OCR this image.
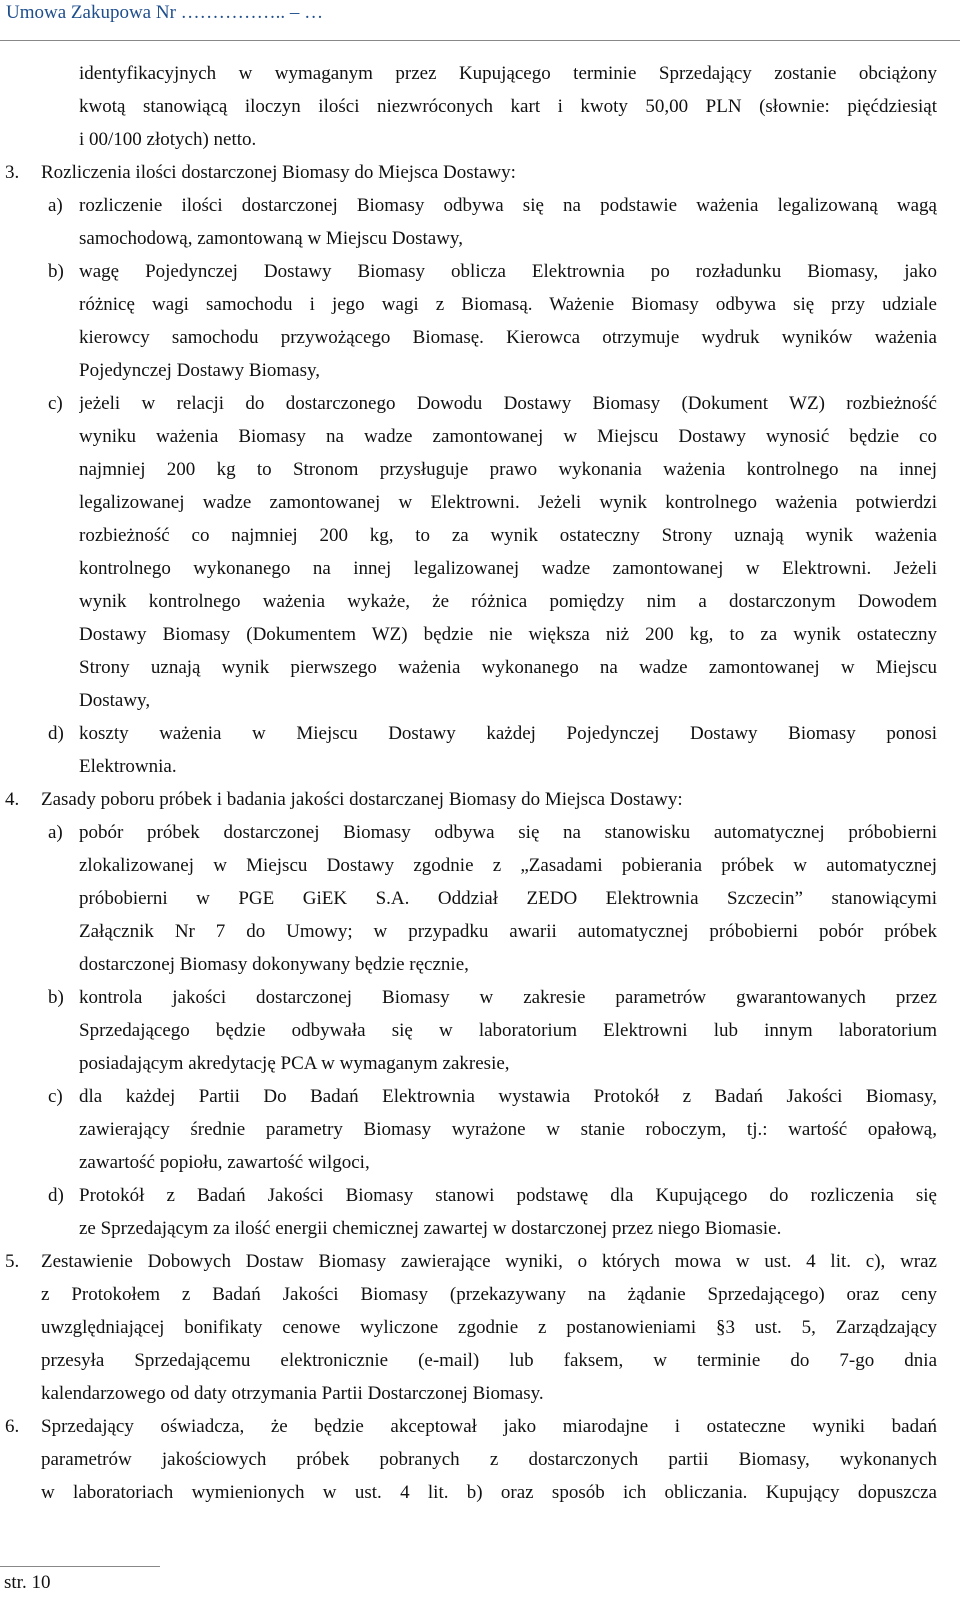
Umowa Zakupowa Nr …………….. – …
identyfikacyjnych w wymaganym przez Kupującego terminie Sprzedający zostanie obciążony
kwotą stanowiącą iloczyn ilości niezwróconych kart i kwoty 50,00 PLN (słownie: pięćdziesiąt
i 00/100 złotych) netto.
3. Rozliczenia ilości dostarczonej Biomasy do Miejsca Dostawy:
a) rozliczenie ilości dostarczonej Biomasy odbywa się na podstawie ważenia legalizowaną wagą
samochodową, zamontowaną w Miejscu Dostawy,
b) wagę Pojedynczej Dostawy Biomasy oblicza Elektrownia po rozładunku Biomasy, jako
różnicę wagi samochodu i jego wagi z Biomasą. Ważenie Biomasy odbywa się przy udziale
kierowcy samochodu przywożącego Biomasę. Kierowca otrzymuje wydruk wyników ważenia
Pojedynczej Dostawy Biomasy,
c) jeżeli w relacji do dostarczonego Dowodu Dostawy Biomasy (Dokument WZ) rozbieżność
wyniku ważenia Biomasy na wadze zamontowanej w Miejscu Dostawy wynosić będzie co
najmniej 200 kg to Stronom przysługuje prawo wykonania ważenia kontrolnego na innej
legalizowanej wadze zamontowanej w Elektrowni. Jeżeli wynik kontrolnego ważenia potwierdzi
rozbieżność co najmniej 200 kg, to za wynik ostateczny Strony uznają wynik ważenia
kontrolnego wykonanego na innej legalizowanej wadze zamontowanej w Elektrowni. Jeżeli
wynik kontrolnego ważenia wykaże, że różnica pomiędzy nim a dostarczonym Dowodem
Dostawy Biomasy (Dokumentem WZ) będzie nie większa niż 200 kg, to za wynik ostateczny
Strony uznają wynik pierwszego ważenia wykonanego na wadze zamontowanej w Miejscu
Dostawy,
d) koszty ważenia w Miejscu Dostawy każdej Pojedynczej Dostawy Biomasy ponosi
Elektrownia.
4. Zasady poboru próbek i badania jakości dostarczanej Biomasy do Miejsca Dostawy:
a) pobór próbek dostarczonej Biomasy odbywa się na stanowisku automatycznej próbobierni
zlokalizowanej w Miejscu Dostawy zgodnie z „Zasadami pobierania próbek w automatycznej
próbobierni w PGE GiEK S.A. Oddział ZEDO Elektrownia Szczecin” stanowiącymi
Załącznik Nr 7 do Umowy; w przypadku awarii automatycznej próbobierni pobór próbek
dostarczonej Biomasy dokonywany będzie ręcznie,
b) kontrola jakości dostarczonej Biomasy w zakresie parametrów gwarantowanych przez
Sprzedającego będzie odbywała się w laboratorium Elektrowni lub innym laboratorium
posiadającym akredytację PCA w wymaganym zakresie,
c) dla każdej Partii Do Badań Elektrownia wystawia Protokół z Badań Jakości Biomasy,
zawierający średnie parametry Biomasy wyrażone w stanie roboczym, tj.: wartość opałową,
zawartość popiołu, zawartość wilgoci,
d) Protokół z Badań Jakości Biomasy stanowi podstawę dla Kupującego do rozliczenia się
ze Sprzedającym za ilość energii chemicznej zawartej w dostarczonej przez niego Biomasie.
5. Zestawienie Dobowych Dostaw Biomasy zawierające wyniki, o których mowa w ust. 4 lit. c), wraz
z Protokołem z Badań Jakości Biomasy (przekazywany na żądanie Sprzedającego) oraz ceny
uwzględniającej bonifikaty cenowe wyliczone zgodnie z postanowieniami §3 ust. 5, Zarządzający
przesyła Sprzedającemu elektronicznie (e-mail) lub faksem, w terminie do 7-go dnia
kalendarzowego od daty otrzymania Partii Dostarczonej Biomasy.
6. Sprzedający oświadcza, że będzie akceptował jako miarodajne i ostateczne wyniki badań
parametrów jakościowych próbek pobranych z dostarczonych partii Biomasy, wykonanych
w laboratoriach wymienionych w ust. 4 lit. b) oraz sposób ich obliczania. Kupujący dopuszcza
str. 10
